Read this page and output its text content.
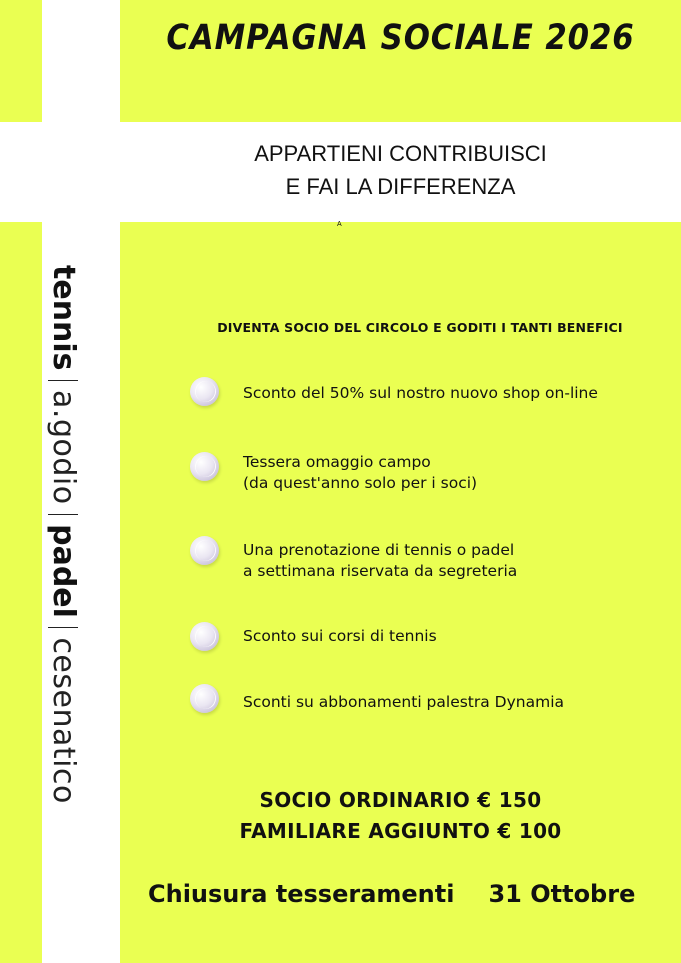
CAMPAGNA SOCIALE 2026
APPARTIENI CONTRIBUISCI
E FAI LA DIFFERENZA
A
tennis
a.godio
padel
cesenatico
DIVENTA SOCIO DEL CIRCOLO E GODITI I TANTI BENEFICI
Sconto del 50% sul nostro nuovo shop on-line
Tessera omaggio campo
(da quest'anno solo per i soci)
Una prenotazione di tennis o padel
a settimana riservata da segreteria
Sconto sui corsi di tennis
Sconti su abbonamenti palestra Dynamia
SOCIO ORDINARIO € 150
FAMILIARE AGGIUNTO € 100
Chiusura tesseramenti 31 Ottobre
